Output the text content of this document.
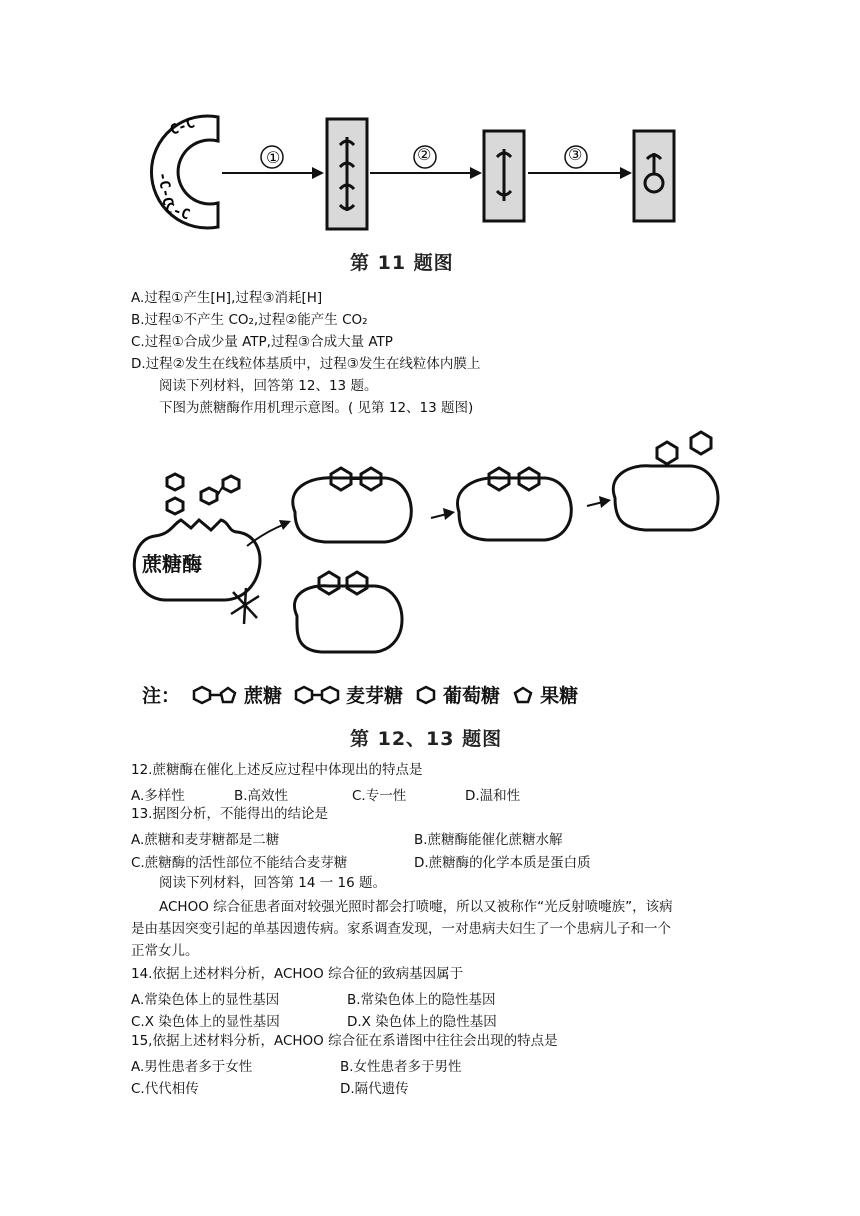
C-C
-C-C
C-C
①	②	③
第 11 题图
A.过程①产生[H],过程③消耗[H]
B.过程①不产生 CO₂,过程②能产生 CO₂
C.过程①合成少量 ATP,过程③合成大量 ATP
D.过程②发生在线粒体基质中，过程③发生在线粒体内膜上
阅读下列材料，回答第 12、13 题。
下图为蔗糖酶作用机理示意图。( 见第 12、13 题图)
蔗糖酶
注：	蔗糖	麦芽糖 葡萄糖 果糖
第 12、13 题图
12.蔗糖酶在催化上述反应过程中体现出的特点是
A.多样性	B.高效性	C.专一性	D.温和性
13.据图分析，不能得出的结论是
A.蔗糖和麦芽糖都是二糖	B.蔗糖酶能催化蔗糖水解
C.蔗糖酶的活性部位不能结合麦芽糖	D.蔗糖酶的化学本质是蛋白质
阅读下列材料，回答第 14 一 16 题。
ACHOO 综合征患者面对较强光照时都会打喷嚏，所以又被称作“光反射喷嚏族”，该病
是由基因突变引起的单基因遗传病。家系调查发现，一对患病夫妇生了一个患病儿子和一个
正常女儿。
14.依据上述材料分析，ACHOO 综合征的致病基因属于
A.常染色体上的显性基因	B.常染色体上的隐性基因
C.X 染色体上的显性基因	D.X 染色体上的隐性基因
15,依据上述材料分析，ACHOO 综合征在系谱图中往往会出现的特点是
A.男性患者多于女性	B.女性患者多于男性
C.代代相传	D.隔代遗传
